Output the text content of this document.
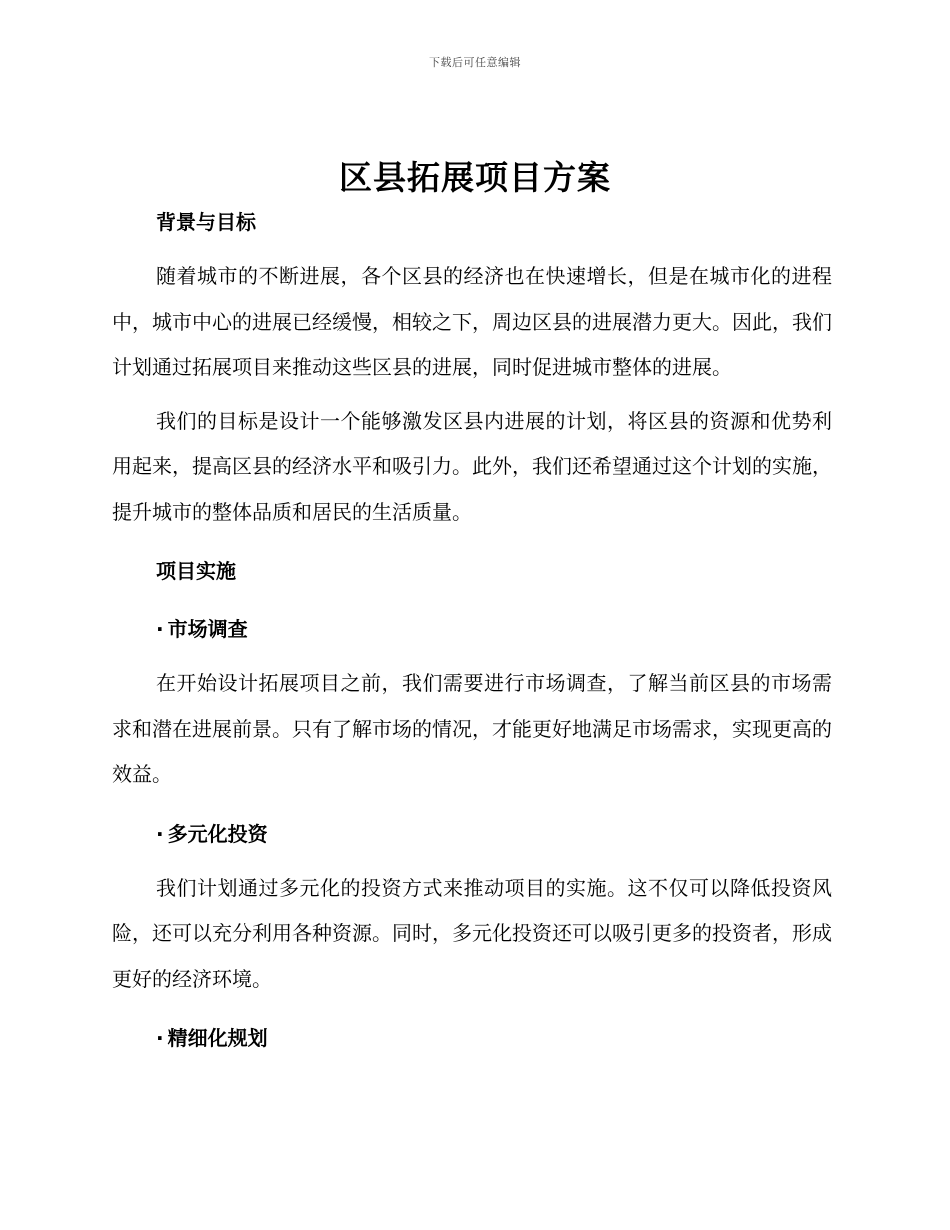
下载后可任意编辑
区县拓展项目方案
背景与目标

随着城市的不断进展，各个区县的经济也在快速增长，但是在城市化的进程中，城市中心的进展已经缓慢，相较之下，周边区县的进展潜力更大。因此，我们计划通过拓展项目来推动这些区县的进展，同时促进城市整体的进展。

我们的目标是设计一个能够激发区县内进展的计划，将区县的资源和优势利用起来，提高区县的经济水平和吸引力。此外，我们还希望通过这个计划的实施，提升城市的整体品质和居民的生活质量。

项目实施
· 市场调查

在开始设计拓展项目之前，我们需要进行市场调查，了解当前区县的市场需求和潜在进展前景。只有了解市场的情况，才能更好地满足市场需求，实现更高的效益。

· 多元化投资

我们计划通过多元化的投资方式来推动项目的实施。这不仅可以降低投资风险，还可以充分利用各种资源。同时，多元化投资还可以吸引更多的投资者，形成更好的经济环境。

· 精细化规划
